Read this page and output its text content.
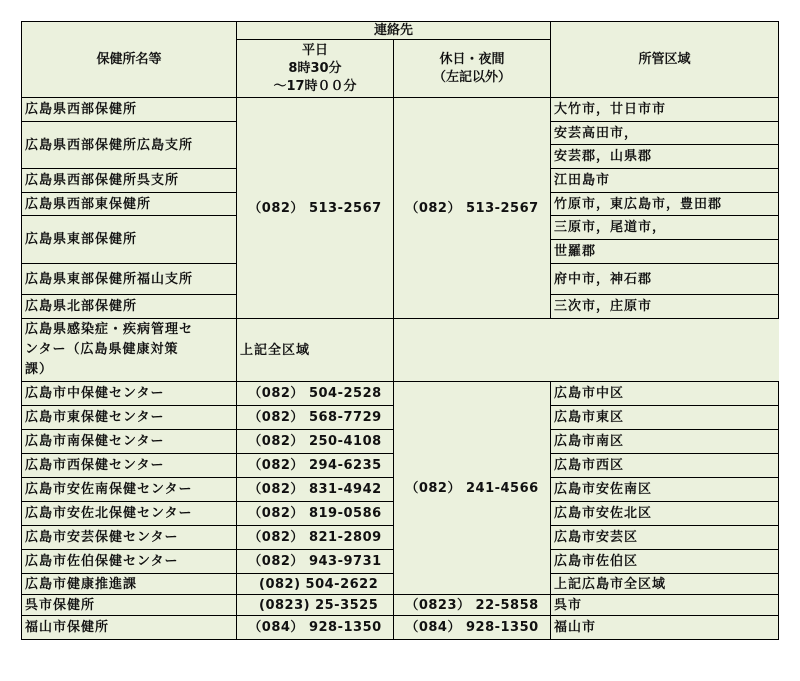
保健所名等	連絡先		所管区域

	平日
8時30分
～17時００分	休日・夜間
（左記以外）	

広島県西部保健所	（082） 513-2567	（082） 513-2567	大竹市，廿日市市
広島県西部保健所広島支所			安芸高田市，
			安芸郡，山県郡
広島県西部保健所呉支所			江田島市
広島県西部東保健所			竹原市，東広島市，豊田郡
広島県東部保健所			三原市，尾道市，
			世羅郡
広島県東部保健所福山支所			府中市，神石郡
広島県北部保健所			三次市，庄原市

広島県感染症・疾病管理セ
ンター（広島県健康対策
課）	上記全区域		
広島市中保健センター	（082） 504-2528	（082） 241-4566	広島市中区
広島市東保健センター	（082） 568-7729		広島市東区
広島市南保健センター	（082） 250-4108		広島市南区
広島市西保健センター	（082） 294-6235		広島市西区
広島市安佐南保健センター	（082） 831-4942		広島市安佐南区
広島市安佐北保健センター	（082） 819-0586		広島市安佐北区
広島市安芸保健センター	（082） 821-2809		広島市安芸区
広島市佐伯保健センター	（082） 943-9731		広島市佐伯区
広島市健康推進課	(082) 504-2622		上記広島市全区域
呉市保健所	(0823) 25-3525	（0823） 22-5858	呉市
福山市保健所	（084） 928-1350	（084） 928-1350	福山市
